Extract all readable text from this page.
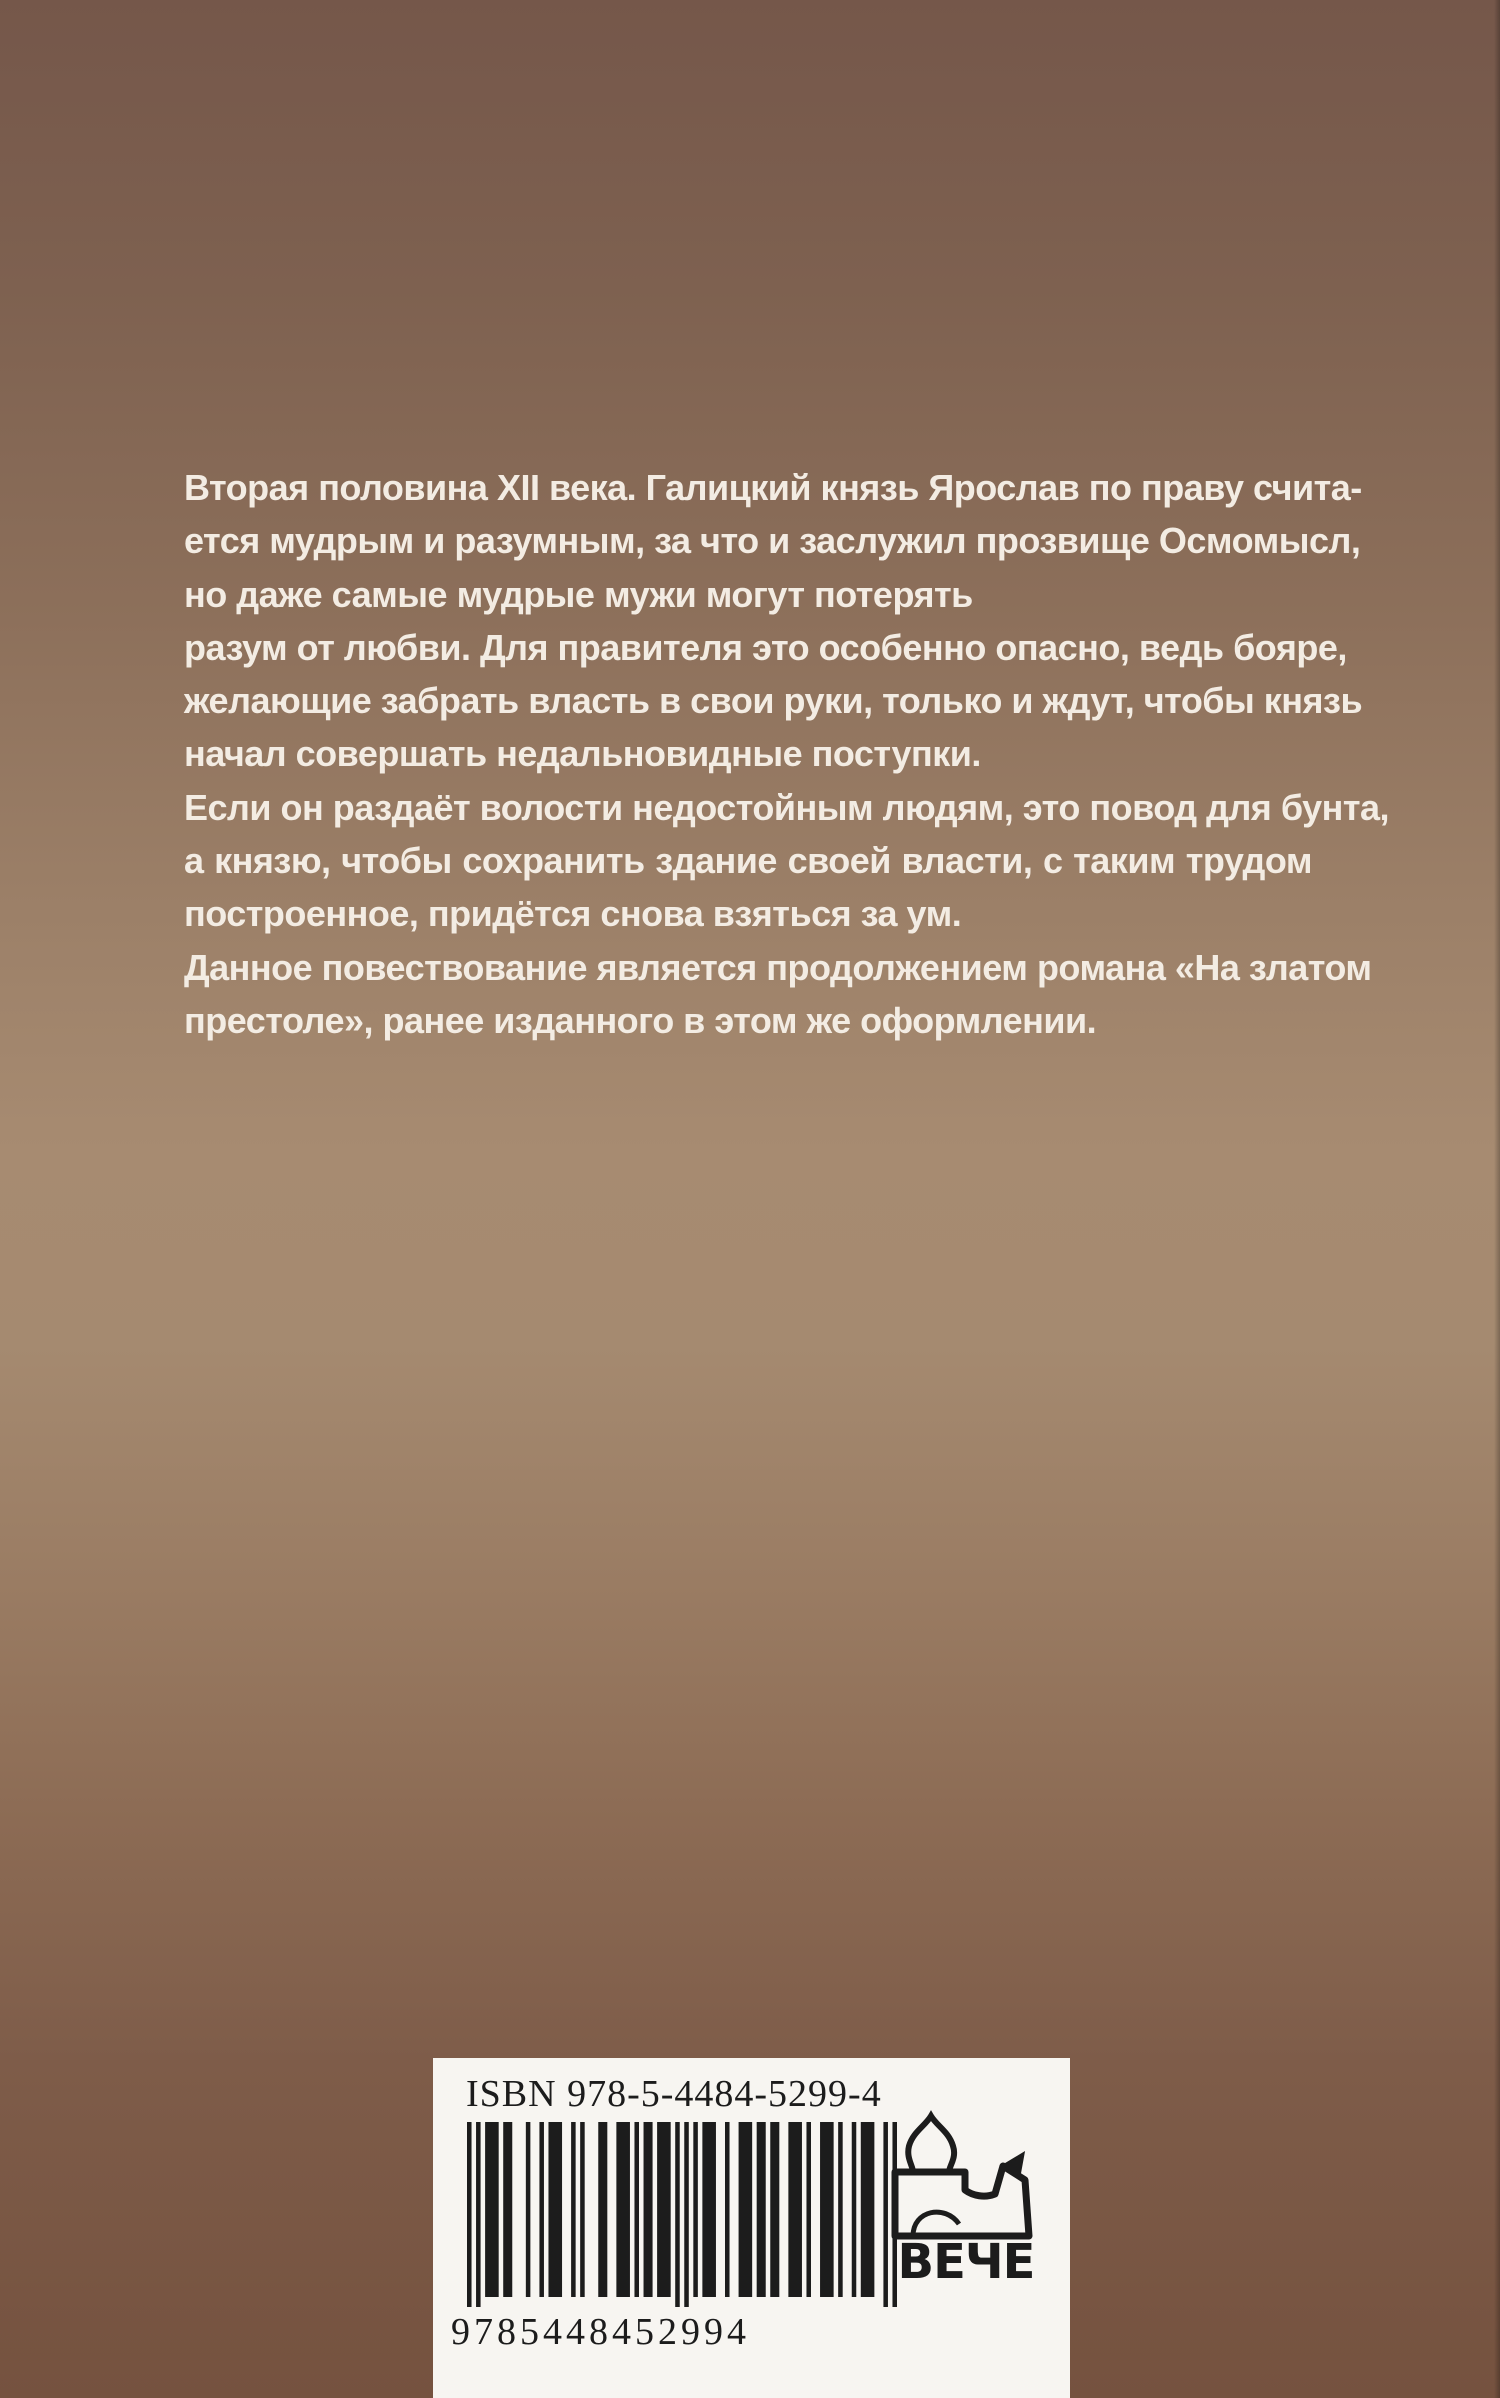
Вторая половина XII века. Галицкий князь Ярослав по праву счита-
ется мудрым и разумным, за что и заслужил прозвище Осмомысл,
но даже самые мудрые мужи могут потерять
разум от любви. Для правителя это особенно опасно, ведь бояре,
желающие забрать власть в свои руки, только и ждут, чтобы князь
начал совершать недальновидные поступки.
Если он раздаёт волости недостойным людям, это повод для бунта,
а князю, чтобы сохранить здание своей власти, с таким трудом
построенное, придётся снова взяться за ум.
Данное повествование является продолжением романа «На златом
престоле», ранее изданного в этом же оформлении.
ISBN 978-5-4484-5299-4
9785448452994
ВЕЧЕ
